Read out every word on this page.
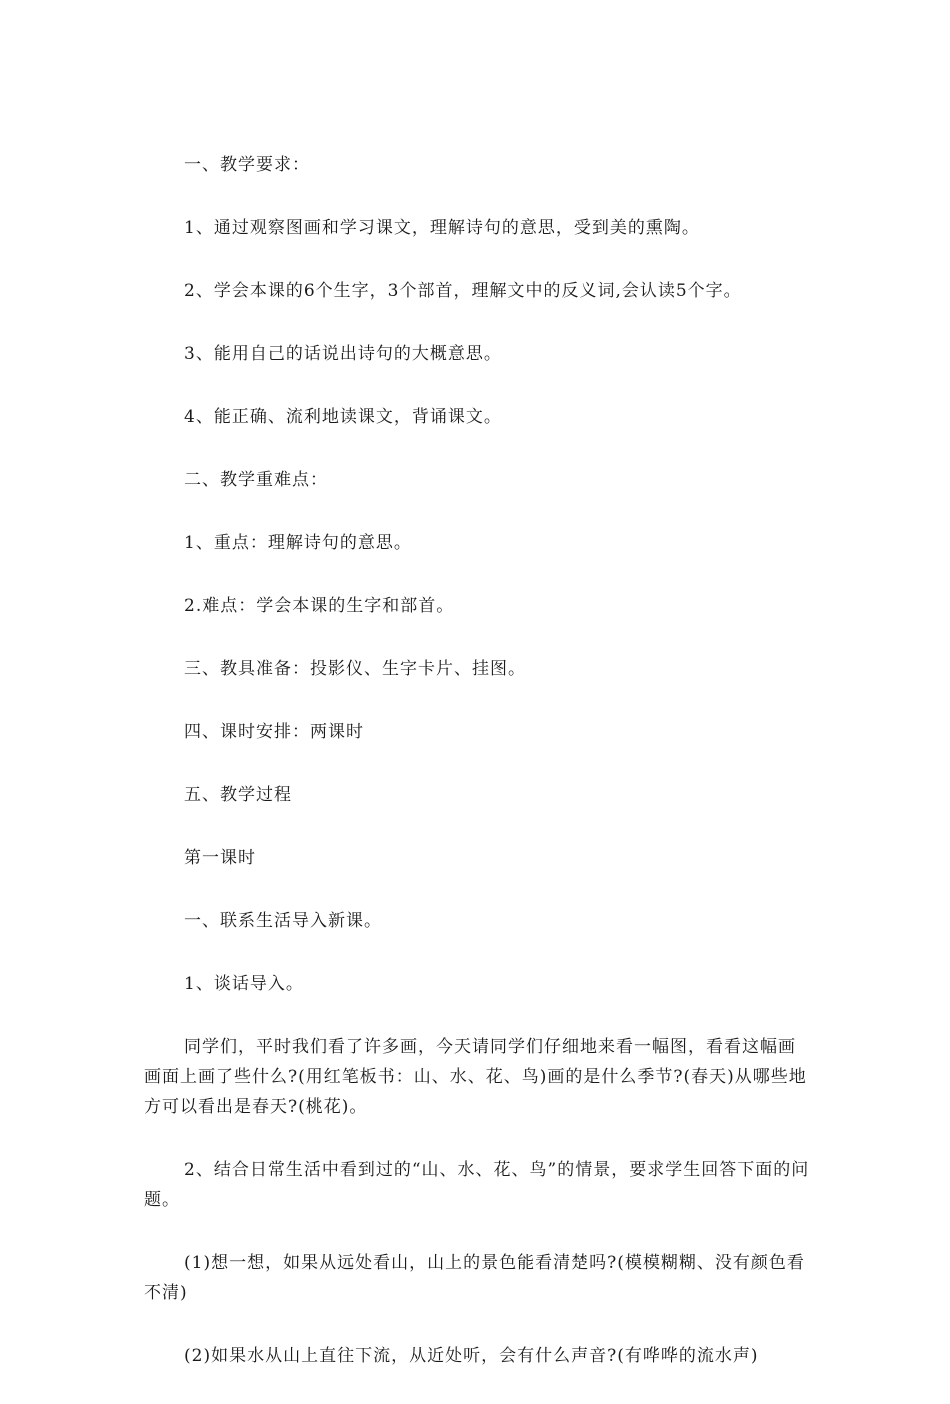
一、教学要求：

1、通过观察图画和学习课文，理解诗句的意思，受到美的熏陶。

2、学会本课的6个生字，3个部首，理解文中的反义词,会认读5个字。

3、能用自己的话说出诗句的大概意思。

4、能正确、流利地读课文，背诵课文。

二、教学重难点：

1、重点：理解诗句的意思。

2.难点：学会本课的生字和部首。

三、教具准备：投影仪、生字卡片、挂图。

四、课时安排：两课时

五、教学过程

第一课时

一、联系生活导入新课。

1、谈话导入。

同学们，平时我们看了许多画，今天请同学们仔细地来看一幅图，看看这幅画画面上画了些什么?(用红笔板书：山、水、花、鸟)画的是什么季节?(春天)从哪些地方可以看出是春天?(桃花)。

2、结合日常生活中看到过的“山、水、花、鸟”的情景，要求学生回答下面的问题。

(1)想一想，如果从远处看山，山上的景色能看清楚吗?(模模糊糊、没有颜色看不清)

(2)如果水从山上直往下流，从近处听，会有什么声音?(有哗哗的流水声)
